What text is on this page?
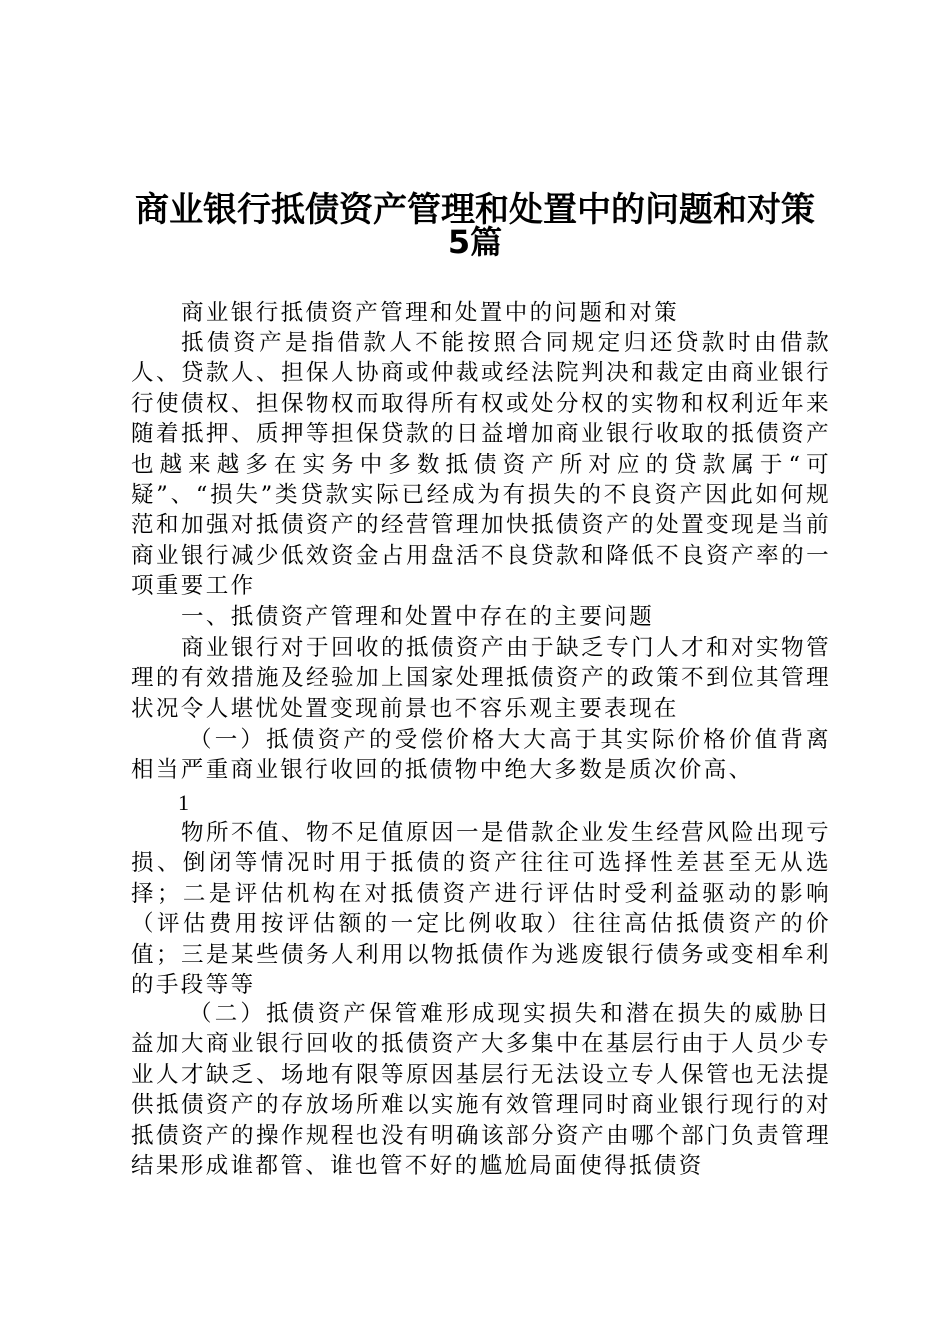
商业银行抵债资产管理和处置中的问题和对策
5篇

商业银行抵债资产管理和处置中的问题和对策

抵债资产是指借款人不能按照合同规定归还贷款时由借款人、贷款人、担保人协商或仲裁或经法院判决和裁定由商业银行行使债权、担保物权而取得所有权或处分权的实物和权利近年来随着抵押、质押等担保贷款的日益增加商业银行收取的抵债资产也越来越多在实务中多数抵债资产所对应的贷款属于“可疑”、“损失”类贷款实际已经成为有损失的不良资产因此如何规范和加强对抵债资产的经营管理加快抵债资产的处置变现是当前商业银行减少低效资金占用盘活不良贷款和降低不良资产率的一项重要工作

一、抵债资产管理和处置中存在的主要问题

商业银行对于回收的抵债资产由于缺乏专门人才和对实物管理的有效措施及经验加上国家处理抵债资产的政策不到位其管理状况令人堪忧处置变现前景也不容乐观主要表现在

（一）抵债资产的受偿价格大大高于其实际价格价值背离相当严重商业银行收回的抵债物中绝大多数是质次价高、

1

物所不值、物不足值原因一是借款企业发生经营风险出现亏损、倒闭等情况时用于抵债的资产往往可选择性差甚至无从选择；二是评估机构在对抵债资产进行评估时受利益驱动的影响（评估费用按评估额的一定比例收取）往往高估抵债资产的价值；三是某些债务人利用以物抵债作为逃废银行债务或变相牟利的手段等等

（二）抵债资产保管难形成现实损失和潜在损失的威胁日益加大商业银行回收的抵债资产大多集中在基层行由于人员少专业人才缺乏、场地有限等原因基层行无法设立专人保管也无法提供抵债资产的存放场所难以实施有效管理同时商业银行现行的对抵债资产的操作规程也没有明确该部分资产由哪个部门负责管理结果形成谁都管、谁也管不好的尴尬局面使得抵债资
